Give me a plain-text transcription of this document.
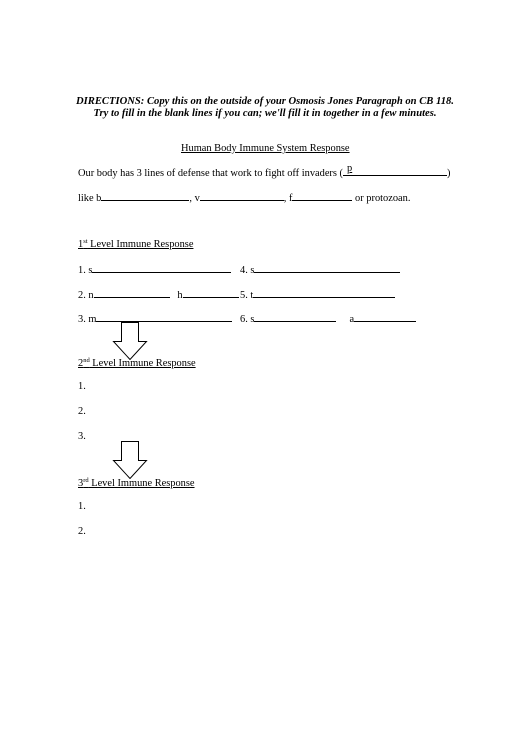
DIRECTIONS: Copy this on the outside of your Osmosis Jones Paragraph on CB 118.
Try to fill in the blank lines if you can; we'll fill it in together in a few minutes.
Human Body Immune System Response
Our body has 3 lines of defense that work to fight off invaders ( p	)
like b	, v	, f	or protozoan.
1st Level Immune Response
1. s	4. s
2. n	h	5. t
3. m	6. s	a
2nd Level Immune Response
1.
2.
3.
3rd Level Immune Response
1.
2.
